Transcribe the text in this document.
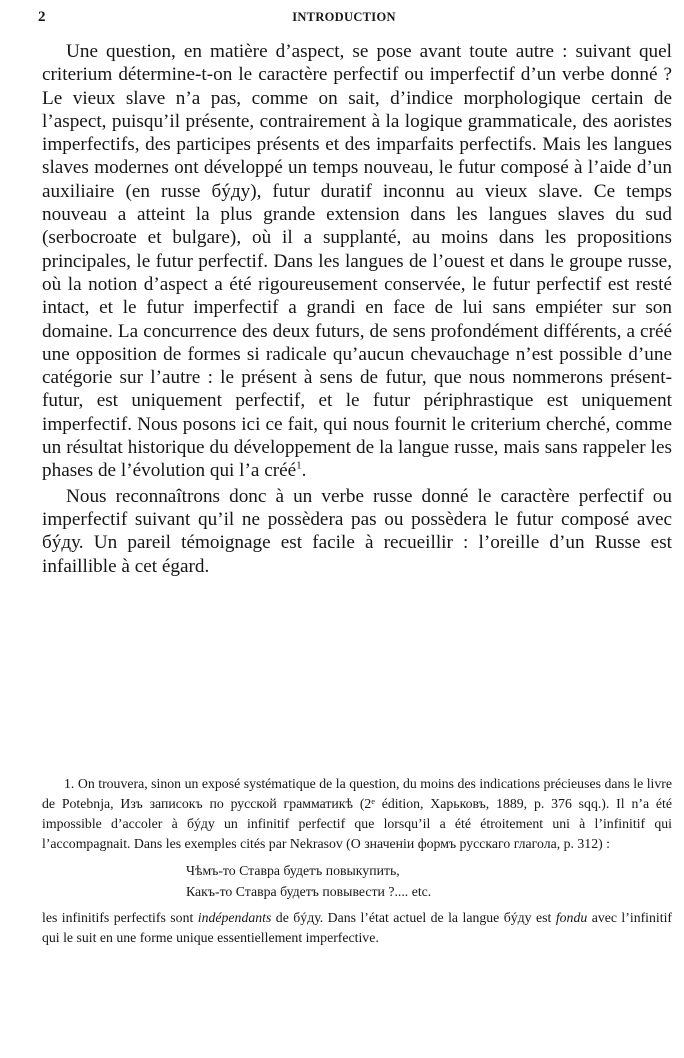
2	INTRODUCTION

Une question, en matière d’aspect, se pose avant toute autre : suivant quel criterium détermine-t-on le caractère perfectif ou imperfectif d’un verbe donné ? Le vieux slave n’a pas, comme on sait, d’indice morphologique certain de l’aspect, puisqu’il présente, contrairement à la logique grammaticale, des aoristes imperfectifs, des participes présents et des imparfaits perfectifs. Mais les langues slaves modernes ont développé un temps nouveau, le futur composé à l’aide d’un auxiliaire (en russe бýду), futur duratif inconnu au vieux slave. Ce temps nouveau a atteint la plus grande extension dans les langues slaves du sud (serbocroate et bulgare), où il a supplanté, au moins dans les propositions principales, le futur perfectif. Dans les langues de l’ouest et dans le groupe russe, où la notion d’aspect a été rigoureusement conservée, le futur perfectif est resté intact, et le futur imperfectif a grandi en face de lui sans empiéter sur son domaine. La concurrence des deux futurs, de sens profondément différents, a créé une opposition de formes si radicale qu’aucun chevauchage n’est possible d’une catégorie sur l’autre : le présent à sens de futur, que nous nommerons présent-futur, est uniquement perfectif, et le futur périphrastique est uniquement imperfectif. Nous posons ici ce fait, qui nous fournit le criterium cherché, comme un résultat historique du développement de la langue russe, mais sans rappeler les phases de l’évolution qui l’a créé$^1$.

Nous reconnaîtrons donc à un verbe russe donné le caractère perfectif ou imperfectif suivant qu’il ne possèdera pas ou possèdera le futur composé avec бýду. Un pareil témoignage est facile à recueillir : l’oreille d’un Russe est infaillible à cet égard.

1. On trouvera, sinon un exposé systématique de la question, du moins des indications précieuses dans le livre de Potebnja, Изъ записокъ по русской грамматикѣ (2ᵉ édition, Харьковъ, 1889, p. 376 sqq.). Il n’a été impossible d’accoler à бýду un infinitif perfectif que lorsqu’il a été étroitement uni à l’infinitif qui l’accompagnait. Dans les exemples cités par Nekrasov (О значенiи формъ русскаго глагола, p. 312) :

Чѣмъ-то Ставра будетъ повыкупить,
Какъ-то Ставра будетъ повывести ?.... etc.

les infinitifs perfectifs sont indépendants de бýду. Dans l’état actuel de la langue бýду est fondu avec l’infinitif qui le suit en une forme unique essentiellement imperfective.
